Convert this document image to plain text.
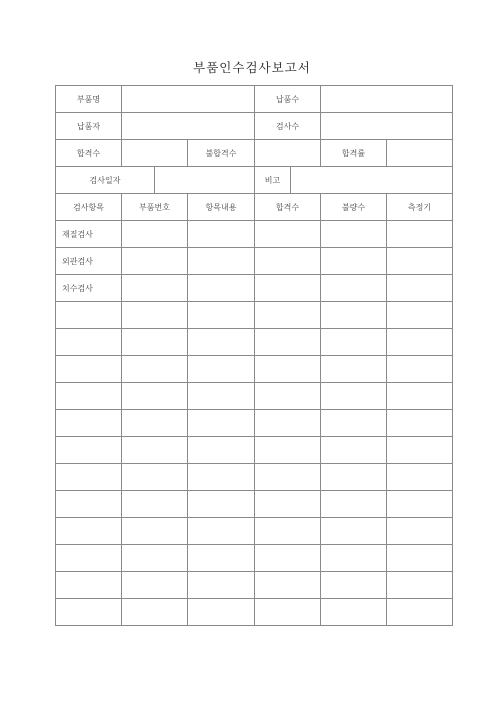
부품인수검사보고서
부품명		납품수	
납품자		검사수	
합격수		불합격수		합격률	
검사일자		비고	
검사항목	부품번호	항목내용	합격수	불량수	측정기
재질검사					
외관검사					
치수검사					
